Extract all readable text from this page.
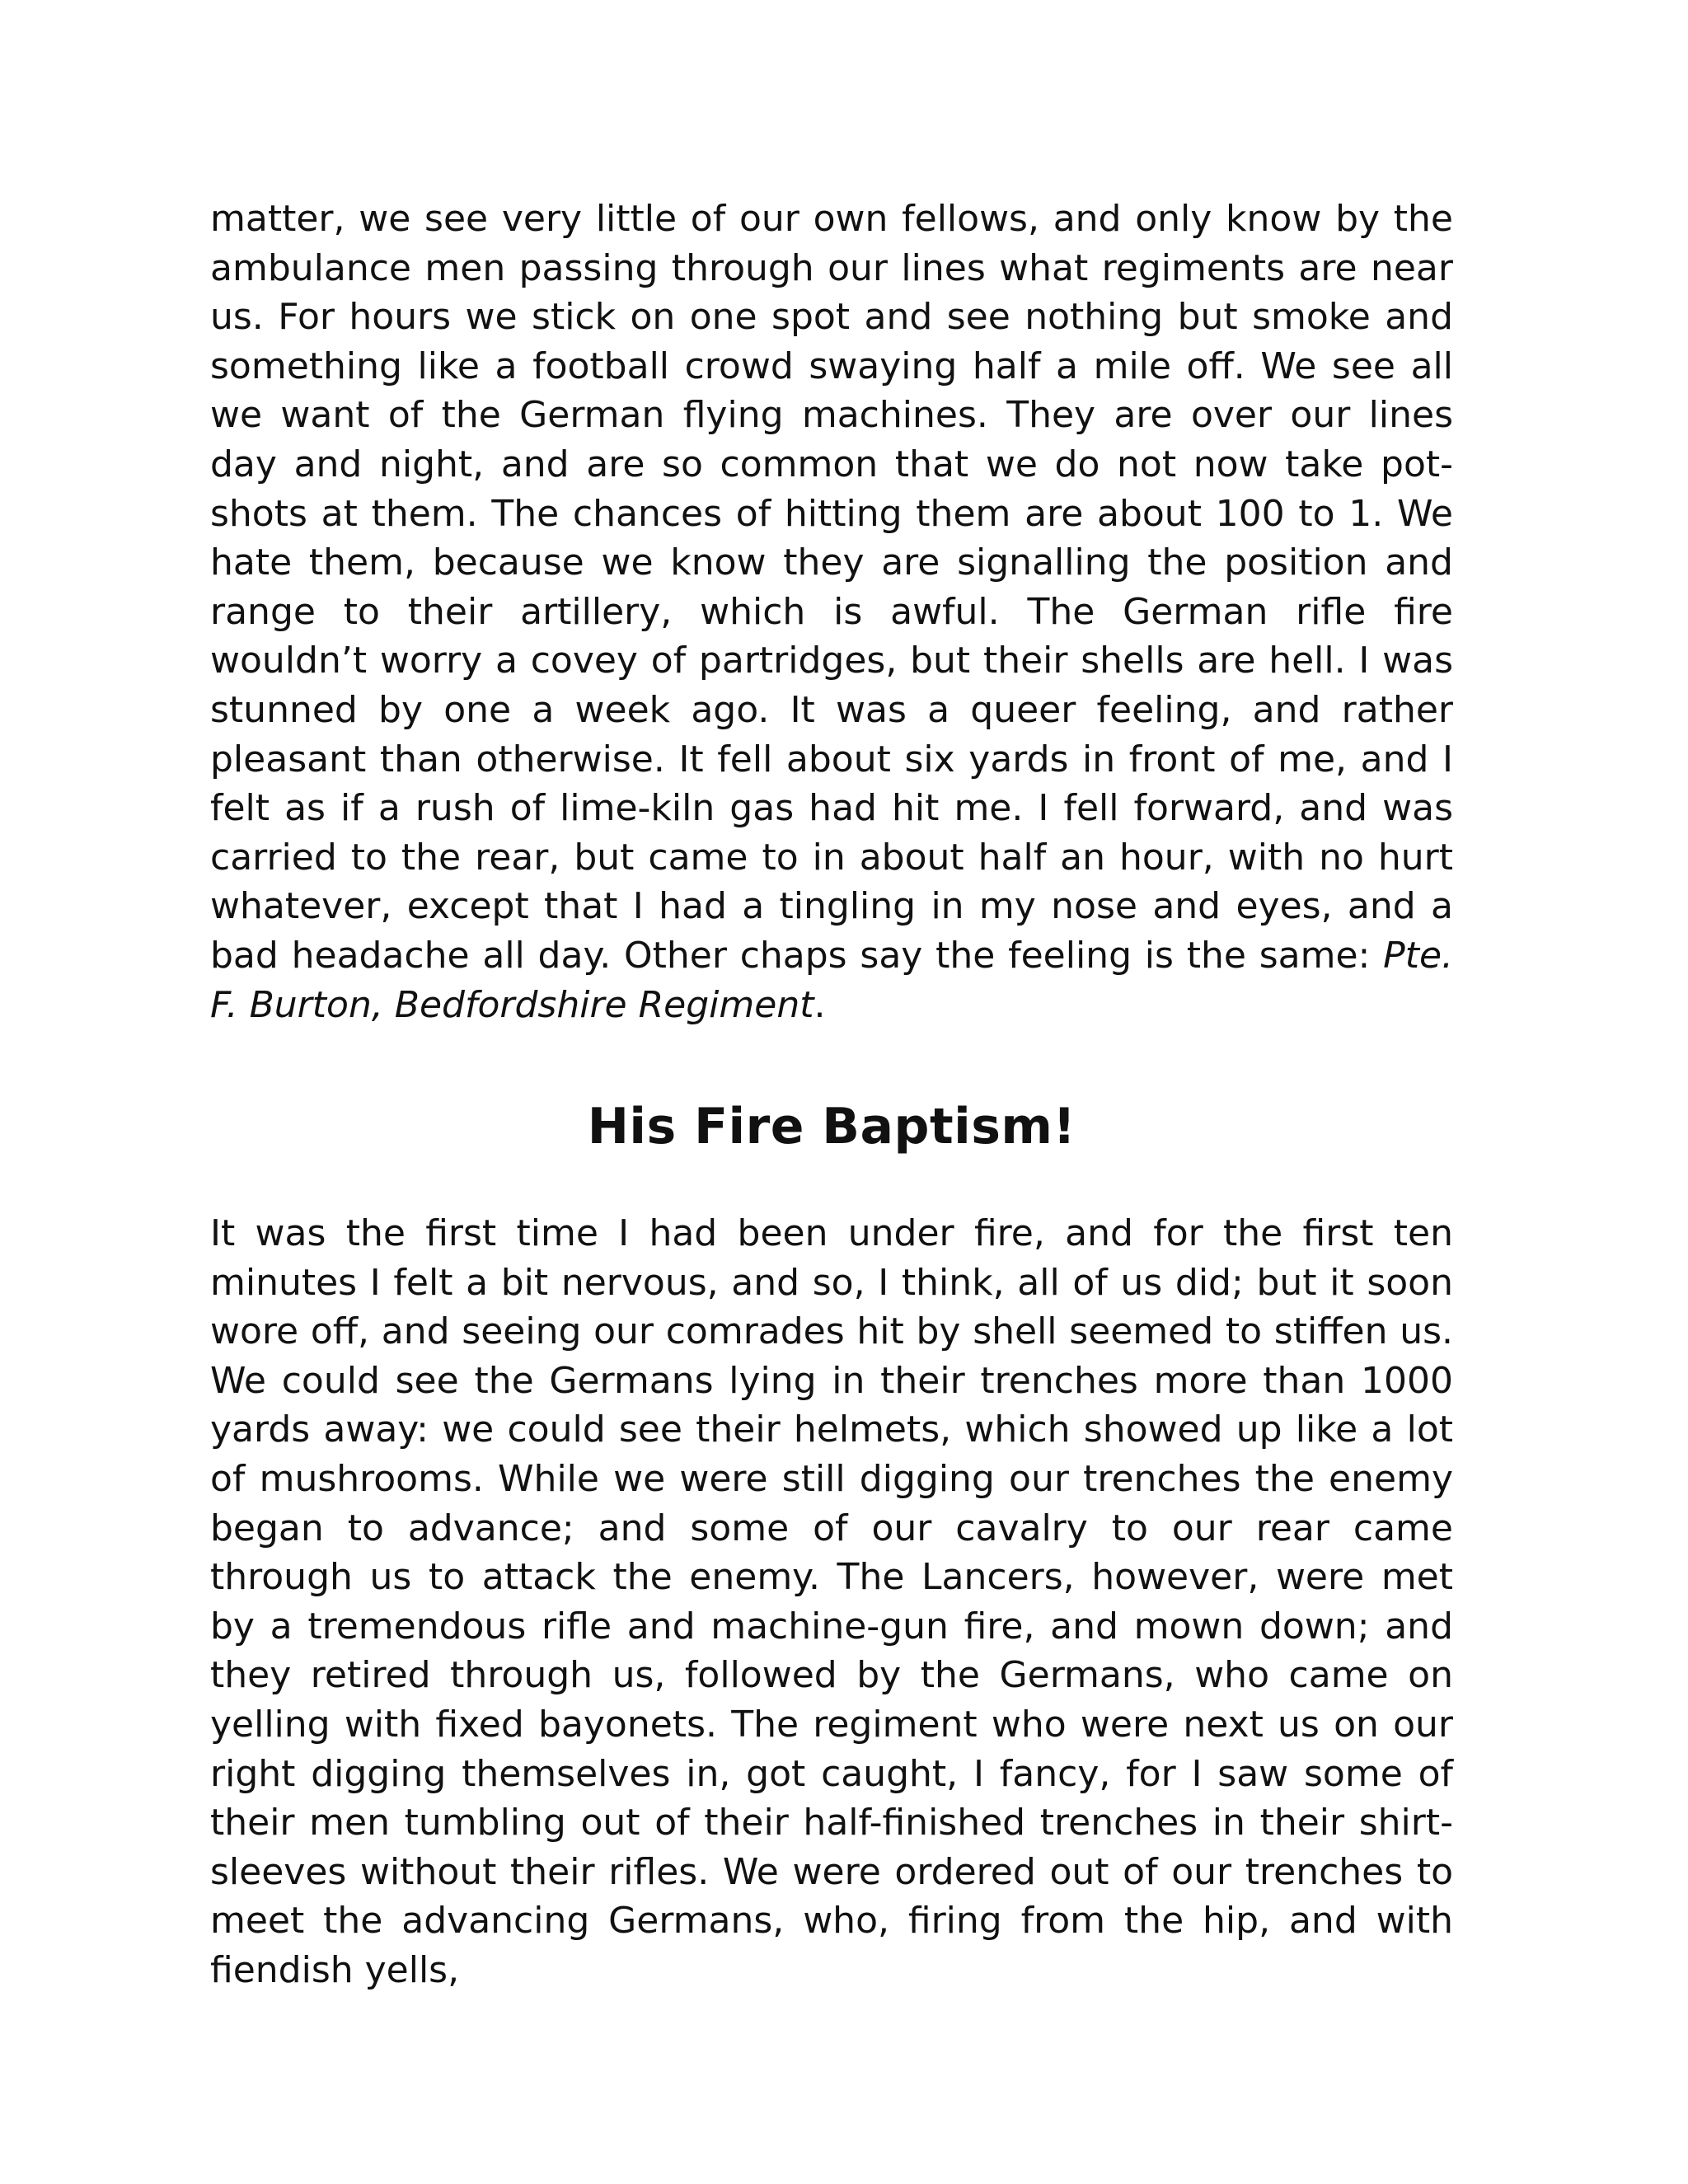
matter, we see very little of our own fellows, and only know by the ambulance men passing through our lines what regiments are near us. For hours we stick on one spot and see nothing but smoke and something like a football crowd swaying half a mile off. We see all we want of the German flying machines. They are over our lines day and night, and are so common that we do not now take pot-shots at them. The chances of hitting them are about 100 to 1. We hate them, because we know they are signalling the position and range to their artillery, which is awful. The German rifle fire wouldn’t worry a covey of partridges, but their shells are hell. I was stunned by one a week ago. It was a queer feeling, and rather pleasant than otherwise. It fell about six yards in front of me, and I felt as if a rush of lime-kiln gas had hit me. I fell forward, and was carried to the rear, but came to in about half an hour, with no hurt whatever, except that I had a tingling in my nose and eyes, and a bad headache all day. Other chaps say the feeling is the same: Pte. F. Burton, Bedfordshire Regiment.

His Fire Baptism!

It was the first time I had been under fire, and for the first ten minutes I felt a bit nervous, and so, I think, all of us did; but it soon wore off, and seeing our comrades hit by shell seemed to stiffen us. We could see the Germans lying in their trenches more than 1000 yards away: we could see their helmets, which showed up like a lot of mushrooms. While we were still digging our trenches the enemy began to advance; and some of our cavalry to our rear came through us to attack the enemy. The Lancers, however, were met by a tremendous rifle and machine-gun fire, and mown down; and they retired through us, followed by the Germans, who came on yelling with fixed bayonets. The regiment who were next us on our right digging themselves in, got caught, I fancy, for I saw some of their men tumbling out of their half-finished trenches in their shirt-sleeves without their rifles. We were ordered out of our trenches to meet the advancing Germans, who, firing from the hip, and with fiendish yells,
